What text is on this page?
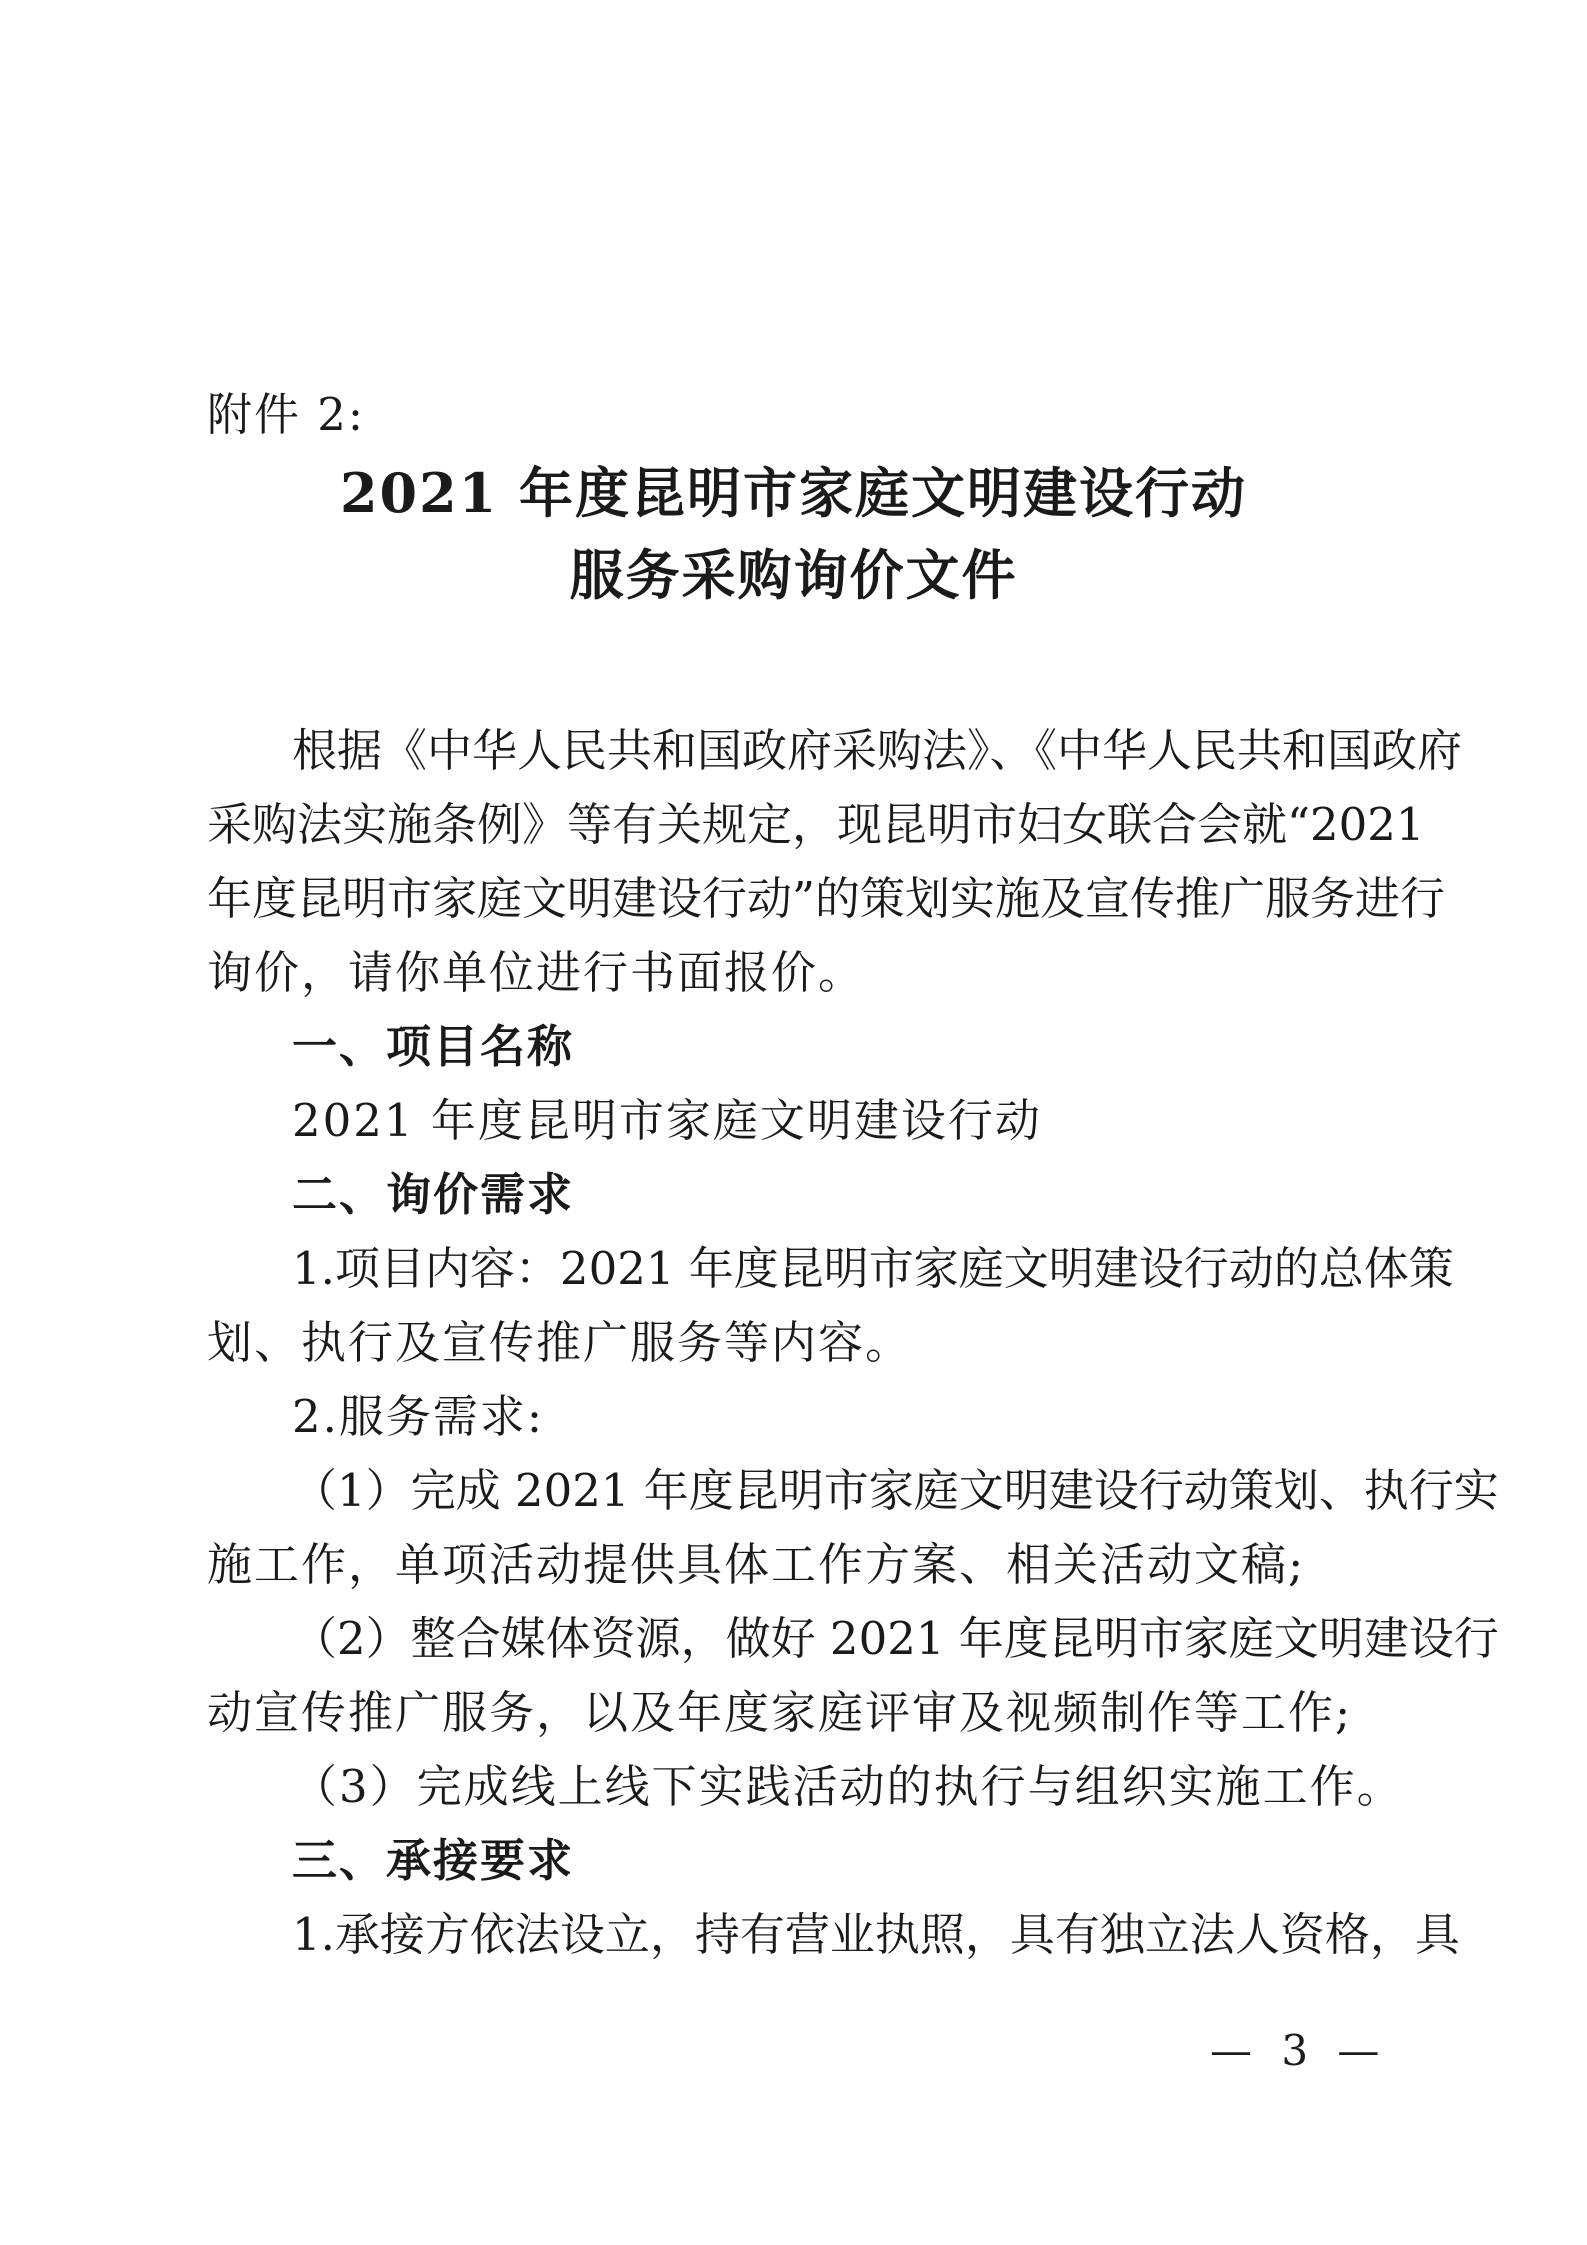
附件 2:
2021 年度昆明市家庭文明建设行动
服务采购询价文件
根据《中华人民共和国政府采购法》、《中华人民共和国政府
采购法实施条例》等有关规定，现昆明市妇女联合会就“2021
年度昆明市家庭文明建设行动”的策划实施及宣传推广服务进行
询价，请你单位进行书面报价。
一、项目名称
2021 年度昆明市家庭文明建设行动
二、询价需求
1.项目内容：2021 年度昆明市家庭文明建设行动的总体策
划、执行及宣传推广服务等内容。
2.服务需求:
（1）完成 2021 年度昆明市家庭文明建设行动策划、执行实
施工作，单项活动提供具体工作方案、相关活动文稿;
（2）整合媒体资源，做好 2021 年度昆明市家庭文明建设行
动宣传推广服务，以及年度家庭评审及视频制作等工作;
（3）完成线上线下实践活动的执行与组织实施工作。
三、承接要求
1.承接方依法设立，持有营业执照，具有独立法人资格，具
— 3 —
